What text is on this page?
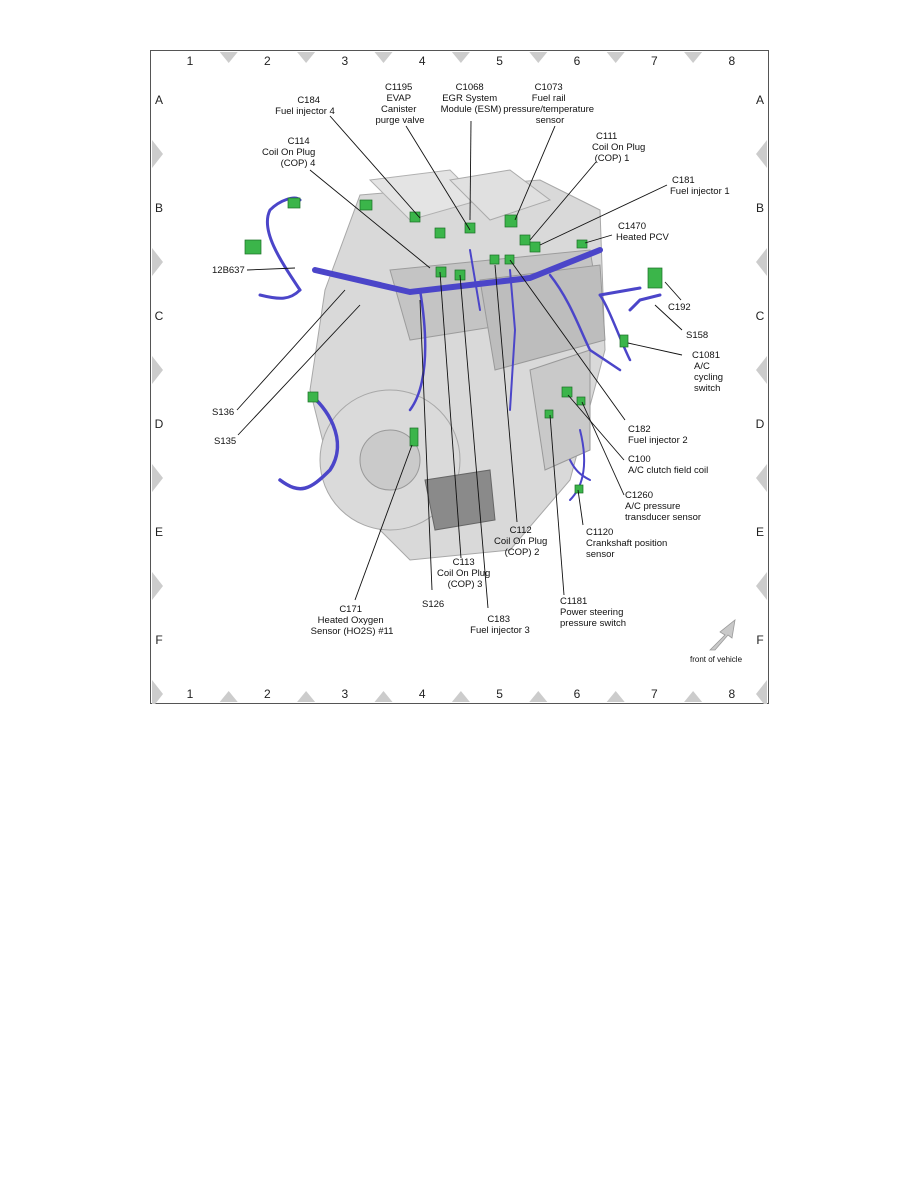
1
1
2
2
3
3
4
4
5
5
6
6
7
7
8
8
A	A
B	B
C	C
D	D
E	E
F	F
C184 Fuel injector 4
C1195 EVAP Canister purge valve
C1068 EGR System Module (ESM)
C1073 Fuel rail pressure/temperature sensor
C114 Coil On Plug (COP) 4
C111 Coil On Plug (COP) 1
C181 Fuel injector 1
C1470 Heated PCV
12B637
C192
S158
C1081 A/C cycling switch
S136
S135
C182 Fuel injector 2
C100 A/C clutch field coil
C1260 A/C pressure transducer sensor
C1120 Crankshaft position sensor
C112 Coil On Plug (COP) 2
C113 Coil On Plug (COP) 3
S126
C171 Heated Oxygen Sensor (HO2S) #11
C183 Fuel injector 3
C1181 Power steering pressure switch
front of vehicle
